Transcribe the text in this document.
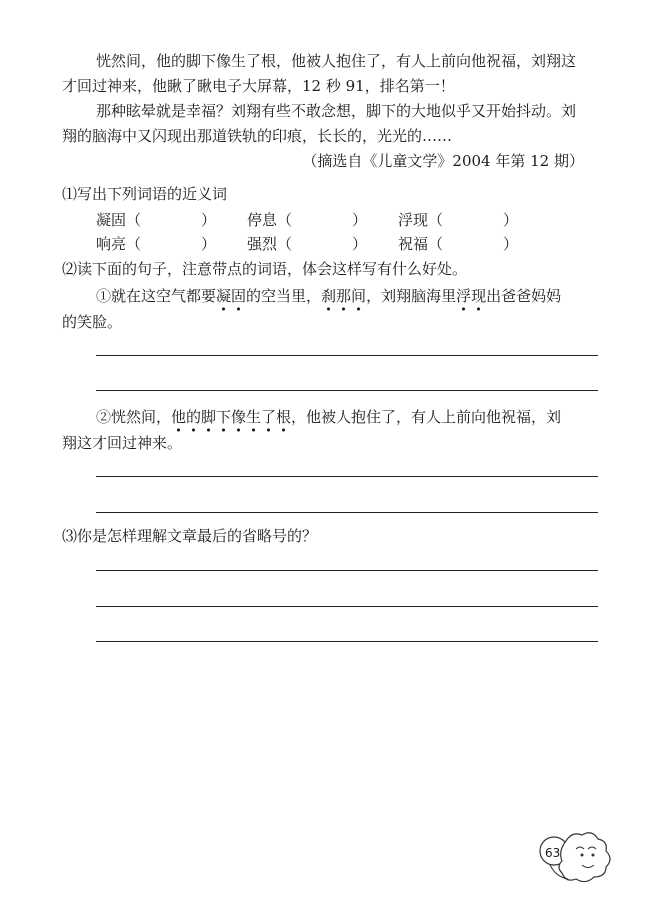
恍然间，他的脚下像生了根，他被人抱住了，有人上前向他祝福，刘翔这
才回过神来，他瞅了瞅电子大屏幕，12 秒 91，排名第一！
那种眩晕就是幸福？刘翔有些不敢念想，脚下的大地似乎又开始抖动。刘
翔的脑海中又闪现出那道铁轨的印痕，长长的，光光的……
（摘选自《儿童文学》2004 年第 12 期）
⑴写出下列词语的近义词
凝固（　　　　） 停息（　　　　） 浮现（　　　　）
响亮（　　　　） 强烈（　　　　） 祝福（　　　　）
⑵读下面的句子，注意带点的词语，体会这样写有什么好处。
①就在这空气都要凝固的空当里，刹那间，刘翔脑海里浮现出爸爸妈妈
的笑脸。
②恍然间，他的脚下像生了根，他被人抱住了，有人上前向他祝福，刘
翔这才回过神来。
⑶你是怎样理解文章最后的省略号的？
63
